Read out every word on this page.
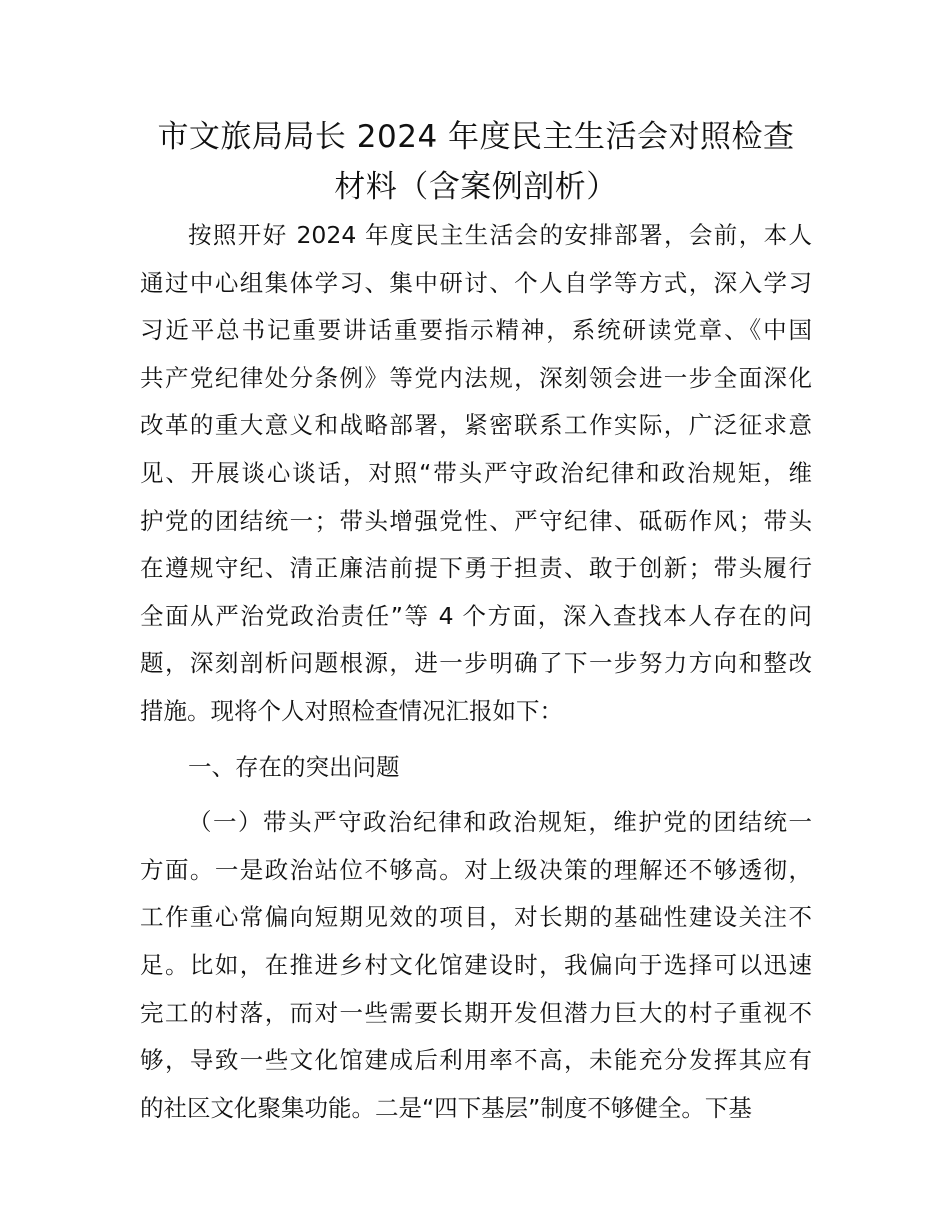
市文旅局局长 2024 年度民主生活会对照检查
材料（含案例剖析）
按照开好 2024 年度民主生活会的安排部署，会前，本人
通过中心组集体学习、集中研讨、个人自学等方式，深入学习
习近平总书记重要讲话重要指示精神，系统研读党章、《中国
共产党纪律处分条例》等党内法规，深刻领会进一步全面深化
改革的重大意义和战略部署，紧密联系工作实际，广泛征求意
见、开展谈心谈话，对照“带头严守政治纪律和政治规矩，维
护党的团结统一；带头增强党性、严守纪律、砥砺作风；带头
在遵规守纪、清正廉洁前提下勇于担责、敢于创新；带头履行
全面从严治党政治责任”等 4 个方面，深入查找本人存在的问
题，深刻剖析问题根源，进一步明确了下一步努力方向和整改
措施。现将个人对照检查情况汇报如下：
一、存在的突出问题
（一）带头严守政治纪律和政治规矩，维护党的团结统一
方面。一是政治站位不够高。对上级决策的理解还不够透彻，
工作重心常偏向短期见效的项目，对长期的基础性建设关注不
足。比如，在推进乡村文化馆建设时，我偏向于选择可以迅速
完工的村落，而对一些需要长期开发但潜力巨大的村子重视不
够，导致一些文化馆建成后利用率不高，未能充分发挥其应有
的社区文化聚集功能。二是“四下基层”制度不够健全。下基
